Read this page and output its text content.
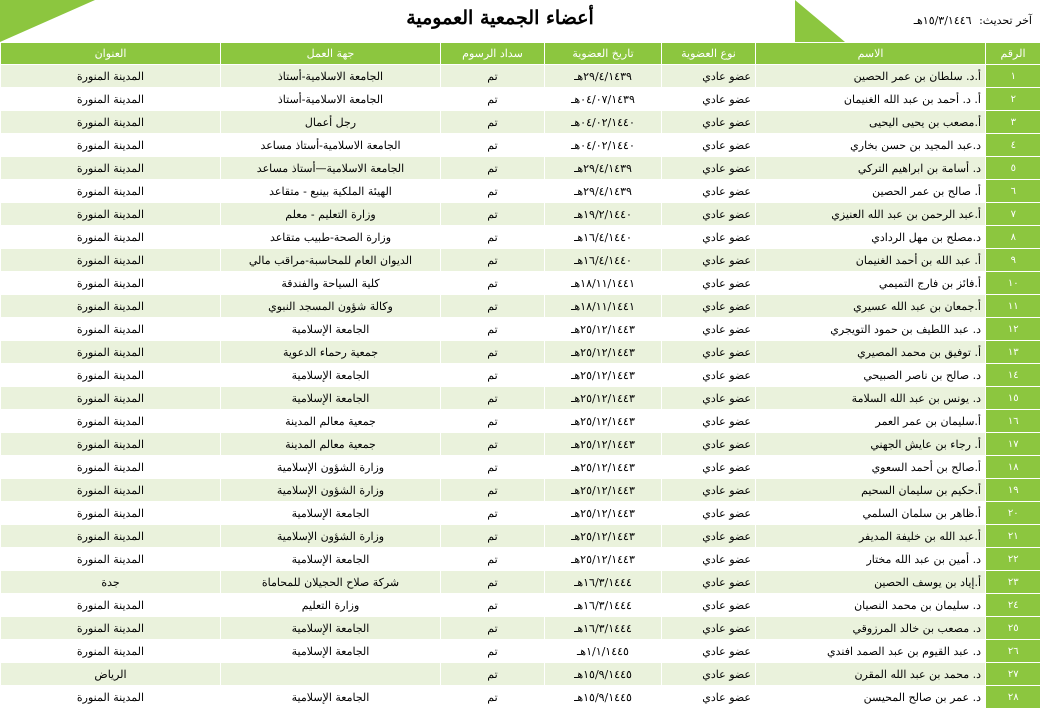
أعضاء الجمعية العمومية	آخر تحديث: ١٥/٣/١٤٤٦هـ
الرقم	الاسم	نوع العضوية	تاريخ العضوية	سداد الرسوم	جهة العمل	العنوان
١	أ.د. سلطان بن عمر الحصين	عضو عادي	٢٩/٤/١٤٣٩هـ	تم	الجامعة الاسلامية-أستاذ	المدينة المنورة
٢	أ. د. أحمد بن عبد الله الغنيمان	عضو عادي	٠٤/٠٧/١٤٣٩هـ	تم	الجامعة الاسلامية-أستاذ	المدينة المنورة
٣	أ.مصعب بن يحيى اليحيى	عضو عادي	٠٤/٠٢/١٤٤٠هـ	تم	رجل أعمال	المدينة المنورة
٤	د.عبد المجيد بن حسن بخاري	عضو عادي	٠٤/٠٢/١٤٤٠هـ	تم	الجامعة الاسلامية-أستاذ مساعد	المدينة المنورة
٥	د. أسامة بن ابراهيم التركي	عضو عادي	٢٩/٤/١٤٣٩هـ	تم	الجامعة الاسلامية—أستاذ مساعد	المدينة المنورة
٦	أ. صالح بن عمر الحصين	عضو عادي	٢٩/٤/١٤٣٩هـ	تم	الهيئة الملكية بينبع - متقاعد	المدينة المنورة
٧	أ.عبد الرحمن بن عبد الله العنيزي	عضو عادي	١٩/٢/١٤٤٠هـ	تم	وزارة التعليم - معلم	المدينة المنورة
٨	د.مصلح بن مهل الردادي	عضو عادي	١٦/٤/١٤٤٠هـ	تم	وزارة الصحة-طبيب متقاعد	المدينة المنورة
٩	أ. عبد الله بن أحمد الغنيمان	عضو عادي	١٦/٤/١٤٤٠هـ	تم	الديوان العام للمحاسبة-مراقب مالي	المدينة المنورة
١٠	أ.فائز بن فارج التميمي	عضو عادي	١٨/١١/١٤٤١هـ	تم	كلية السياحة والفندقة	المدينة المنورة
١١	أ.جمعان بن عبد الله عسيري	عضو عادي	١٨/١١/١٤٤١هـ	تم	وكالة شؤون المسجد النبوي	المدينة المنورة
١٢	د. عبد اللطيف بن حمود التويجري	عضو عادي	٢٥/١٢/١٤٤٣هـ	تم	الجامعة الإسلامية	المدينة المنورة
١٣	أ. توفيق بن محمد المصيري	عضو عادي	٢٥/١٢/١٤٤٣هـ	تم	جمعية رحماء الدعوية	المدينة المنورة
١٤	د. صالح بن ناصر الصبيحي	عضو عادي	٢٥/١٢/١٤٤٣هـ	تم	الجامعة الإسلامية	المدينة المنورة
١٥	د. يونس بن عبد الله السلامة	عضو عادي	٢٥/١٢/١٤٤٣هـ	تم	الجامعة الإسلامية	المدينة المنورة
١٦	أ.سليمان بن عمر العمر	عضو عادي	٢٥/١٢/١٤٤٣هـ	تم	جمعية معالم المدينة	المدينة المنورة
١٧	أ. رجاء بن عايش الجهني	عضو عادي	٢٥/١٢/١٤٤٣هـ	تم	جمعية معالم المدينة	المدينة المنورة
١٨	أ.صالح بن أحمد السعوي	عضو عادي	٢٥/١٢/١٤٤٣هـ	تم	وزارة الشؤون الإسلامية	المدينة المنورة
١٩	أ.حكيم بن سليمان السحيم	عضو عادي	٢٥/١٢/١٤٤٣هـ	تم	وزارة الشؤون الإسلامية	المدينة المنورة
٢٠	أ.ظاهر بن سلمان السلمي	عضو عادي	٢٥/١٢/١٤٤٣هـ	تم	الجامعة الإسلامية	المدينة المنورة
٢١	أ.عبد الله بن خليفة المديفر	عضو عادي	٢٥/١٢/١٤٤٣هـ	تم	وزارة الشؤون الإسلامية	المدينة المنورة
٢٢	د. أمين بن عبد الله مختار	عضو عادي	٢٥/١٢/١٤٤٣هـ	تم	الجامعة الإسلامية	المدينة المنورة
٢٣	أ.إياد بن يوسف الحصين	عضو عادي	١٦/٣/١٤٤٤هـ	تم	شركة صلاح الحجيلان للمحاماة	جدة
٢٤	د. سليمان بن محمد النصيان	عضو عادي	١٦/٣/١٤٤٤هـ	تم	وزارة التعليم	المدينة المنورة
٢٥	د. مصعب بن خالد المرزوقي	عضو عادي	١٦/٣/١٤٤٤هـ	تم	الجامعة الإسلامية	المدينة المنورة
٢٦	د. عبد القيوم بن عبد الصمد افندي	عضو عادي	١/١/١٤٤٥هـ	تم	الجامعة الإسلامية	المدينة المنورة
٢٧	د. محمد بن عبد الله المقرن	عضو عادي	١٥/٩/١٤٤٥هـ	تم		الرياض
٢٨	د. عمر بن صالح المحيسن	عضو عادي	١٥/٩/١٤٤٥هـ	تم	الجامعة الإسلامية	المدينة المنورة
